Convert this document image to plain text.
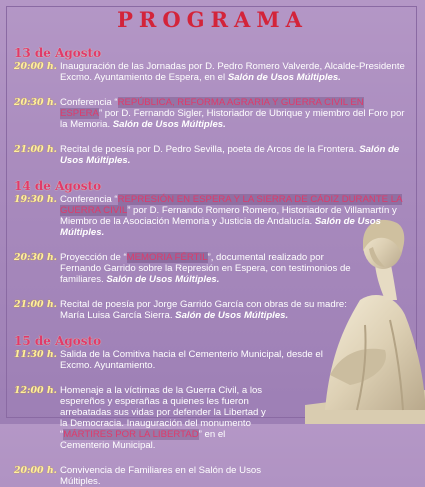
PROGRAMA
13 de Agosto
20:00 h. Inauguración de las Jornadas por D. Pedro Romero Valverde, Alcalde-Presidente Excmo. Ayuntamiento de Espera, en el Salón de Usos Múltiples.
20:30 h. Conferencia “REPÚBLICA, REFORMA AGRARIA Y GUERRA CIVIL EN ESPERA” por D. Fernando Sigler, Historiador de Ubrique y miembro del Foro por la Memoria. Salón de Usos Múltiples.
21:00 h. Recital de poesía por D. Pedro Sevilla, poeta de Arcos de la Frontera. Salón de Usos Múltiples.
14 de Agosto
19:30 h. Conferencia “REPRESIÓN EN ESPERA Y LA SIERRA DE CÁDIZ DURANTE LA GUERRA CIVIL” por D. Fernando Romero Romero, Historiador de Villamartín y Miembro de la Asociación Memoria y Justicia de Andalucía. Salón de Usos Múltiples.
20:30 h. Proyección de “MEMORIA FÉRTIL”, documental realizado por Fernando Garrido sobre la Represión en Espera, con testimonios de familiares. Salón de Usos Múltiples.
21:00 h. Recital de poesía por Jorge Garrido García con obras de su madre: María Luisa García Sierra. Salón de Usos Múltiples.
15 de Agosto
11:30 h. Salida de la Comitiva hacia el Cementerio Municipal, desde el Excmo. Ayuntamiento.
12:00 h. Homenaje a la víctimas de la Guerra Civil, a los espereños y esperañas a quienes les fueron arrebatadas sus vidas por defender la Libertad y la Democracia. Inauguración del monumento “MÁRTIRES POR LA LIBERTAD” en el Cementerio Municipal.
20:00 h. Convivencia de Familiares en el Salón de Usos Múltiples.
